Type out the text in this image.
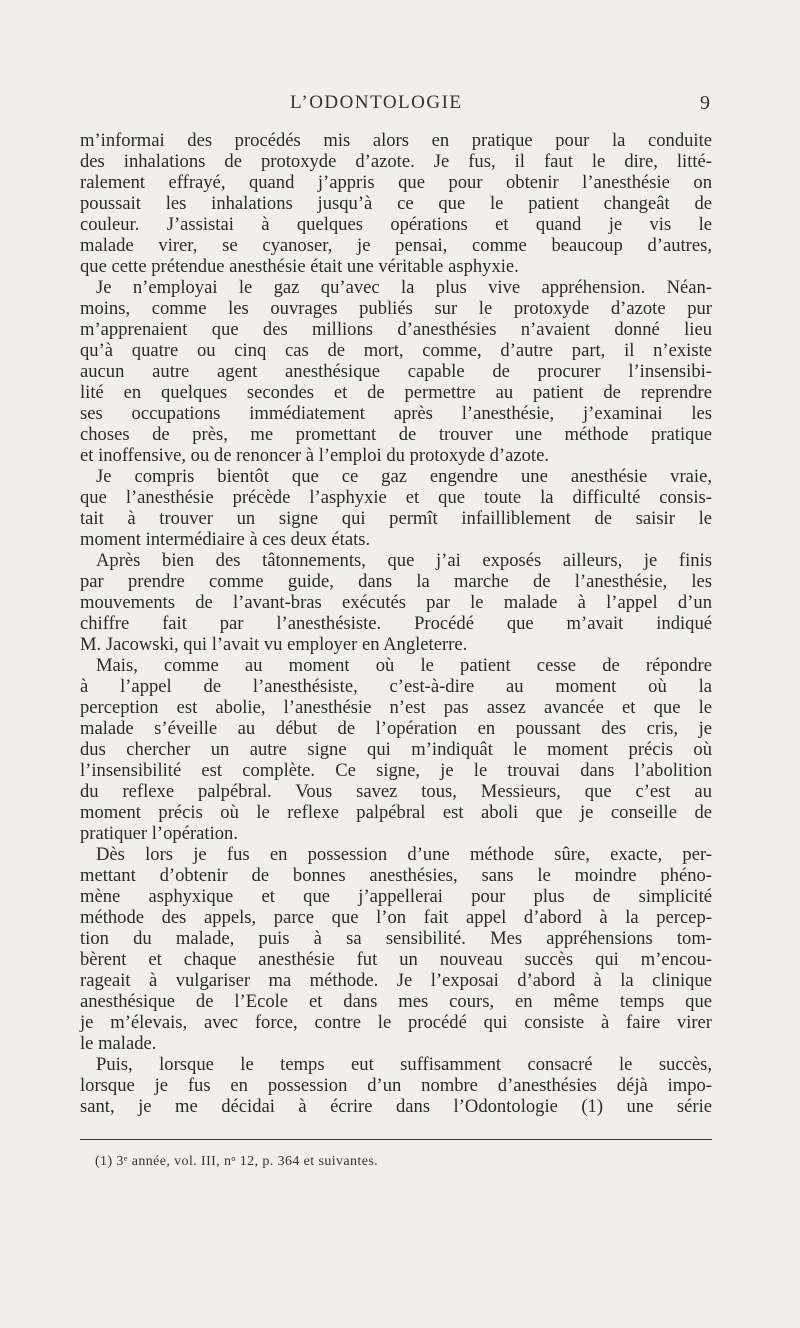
L’ODONTOLOGIE	9
m’informai des procédés mis alors en pratique pour la conduite
des inhalations de protoxyde d’azote. Je fus, il faut le dire, litté-
ralement effrayé, quand j’appris que pour obtenir l’anesthésie on
poussait les inhalations jusqu’à ce que le patient changeât de
couleur. J’assistai à quelques opérations et quand je vis le
malade virer, se cyanoser, je pensai, comme beaucoup d’autres,
que cette prétendue anesthésie était une véritable asphyxie.
Je n’employai le gaz qu’avec la plus vive appréhension. Néan-
moins, comme les ouvrages publiés sur le protoxyde d’azote pur
m’apprenaient que des millions d’anesthésies n’avaient donné lieu
qu’à quatre ou cinq cas de mort, comme, d’autre part, il n’existe
aucun autre agent anesthésique capable de procurer l’insensibi-
lité en quelques secondes et de permettre au patient de reprendre
ses occupations immédiatement après l’anesthésie, j’examinai les
choses de près, me promettant de trouver une méthode pratique
et inoffensive, ou de renoncer à l’emploi du protoxyde d’azote.
Je compris bientôt que ce gaz engendre une anesthésie vraie,
que l’anesthésie précède l’asphyxie et que toute la difficulté consis-
tait à trouver un signe qui permît infailliblement de saisir le
moment intermédiaire à ces deux états.
Après bien des tâtonnements, que j’ai exposés ailleurs, je finis
par prendre comme guide, dans la marche de l’anesthésie, les
mouvements de l’avant-bras exécutés par le malade à l’appel d’un
chiffre fait par l’anesthésiste. Procédé que m’avait indiqué
M. Jacowski, qui l’avait vu employer en Angleterre.
Mais, comme au moment où le patient cesse de répondre
à l’appel de l’anesthésiste, c’est-à-dire au moment où la
perception est abolie, l’anesthésie n’est pas assez avancée et que le
malade s’éveille au début de l’opération en poussant des cris, je
dus chercher un autre signe qui m’indiquât le moment précis où
l’insensibilité est complète. Ce signe, je le trouvai dans l’abolition
du reflexe palpébral. Vous savez tous, Messieurs, que c’est au
moment précis où le reflexe palpébral est aboli que je conseille de
pratiquer l’opération.
Dès lors je fus en possession d’une méthode sûre, exacte, per-
mettant d’obtenir de bonnes anesthésies, sans le moindre phéno-
mène asphyxique et que j’appellerai pour plus de simplicité
méthode des appels, parce que l’on fait appel d’abord à la percep-
tion du malade, puis à sa sensibilité. Mes appréhensions tom-
bèrent et chaque anesthésie fut un nouveau succès qui m’encou-
rageait à vulgariser ma méthode. Je l’exposai d’abord à la clinique
anesthésique de l’Ecole et dans mes cours, en même temps que
je m’élevais, avec force, contre le procédé qui consiste à faire virer
le malade.
Puis, lorsque le temps eut suffisamment consacré le succès,
lorsque je fus en possession d’un nombre d’anesthésies déjà impo-
sant, je me décidai à écrire dans l’Odontologie (1) une série
(1) 3ᵉ année, vol. III, nᵒ 12, p. 364 et suivantes.
